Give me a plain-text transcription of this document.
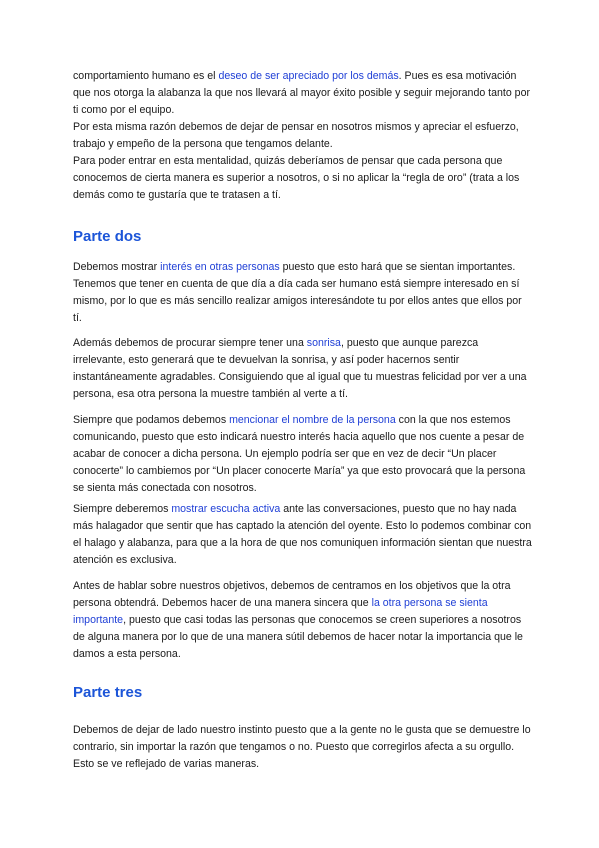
comportamiento humano es el deseo de ser apreciado por los demás. Pues es esa motivación que nos otorga la alabanza la que nos llevará al mayor éxito posible y seguir mejorando tanto por ti como por el equipo.

Por esta misma razón debemos de dejar de pensar en nosotros mismos y apreciar el esfuerzo, trabajo y empeño de la persona que tengamos delante.

Para poder entrar en esta mentalidad, quizás deberíamos de pensar que cada persona que conocemos de cierta manera es superior a nosotros, o si no aplicar la “regla de oro” (trata a los demás como te gustaría que te tratasen a tí.

Parte dos

Debemos mostrar interés en otras personas puesto que esto hará que se sientan importantes. Tenemos que tener en cuenta de que día a día cada ser humano está siempre interesado en sí mismo, por lo que es más sencillo realizar amigos interesándote tu por ellos antes que ellos por tí.

Además debemos de procurar siempre tener una sonrisa, puesto que aunque parezca irrelevante, esto generará que te devuelvan la sonrisa, y así poder hacernos sentir instantáneamente agradables. Consiguiendo que al igual que tu muestras felicidad por ver a una persona, esa otra persona la muestre también al verte a tí.

Siempre que podamos debemos mencionar el nombre de la persona con la que nos estemos comunicando, puesto que esto indicará nuestro interés hacia aquello que nos cuente a pesar de acabar de conocer a dicha persona. Un ejemplo podría ser que en vez de decir “Un placer conocerte” lo cambiemos por “Un placer conocerte María” ya que esto provocará que la persona se sienta más conectada con nosotros.

Siempre deberemos mostrar escucha activa ante las conversaciones, puesto que no hay nada más halagador que sentir que has captado la atención del oyente. Esto lo podemos combinar con el halago y alabanza, para que a la hora de que nos comuniquen información sientan que nuestra atención es exclusiva.

Antes de hablar sobre nuestros objetivos, debemos de centramos en los objetivos que la otra persona obtendrá. Debemos hacer de una manera sincera que la otra persona se sienta importante, puesto que casi todas las personas que conocemos se creen superiores a nosotros de alguna manera por lo que de una manera sútil debemos de hacer notar la importancia que le damos a esta persona.

Parte tres

Debemos de dejar de lado nuestro instinto puesto que a la gente no le gusta que se demuestre lo contrario, sin importar la razón que tengamos o no. Puesto que corregirlos afecta a su orgullo. Esto se ve reflejado de varias maneras.
